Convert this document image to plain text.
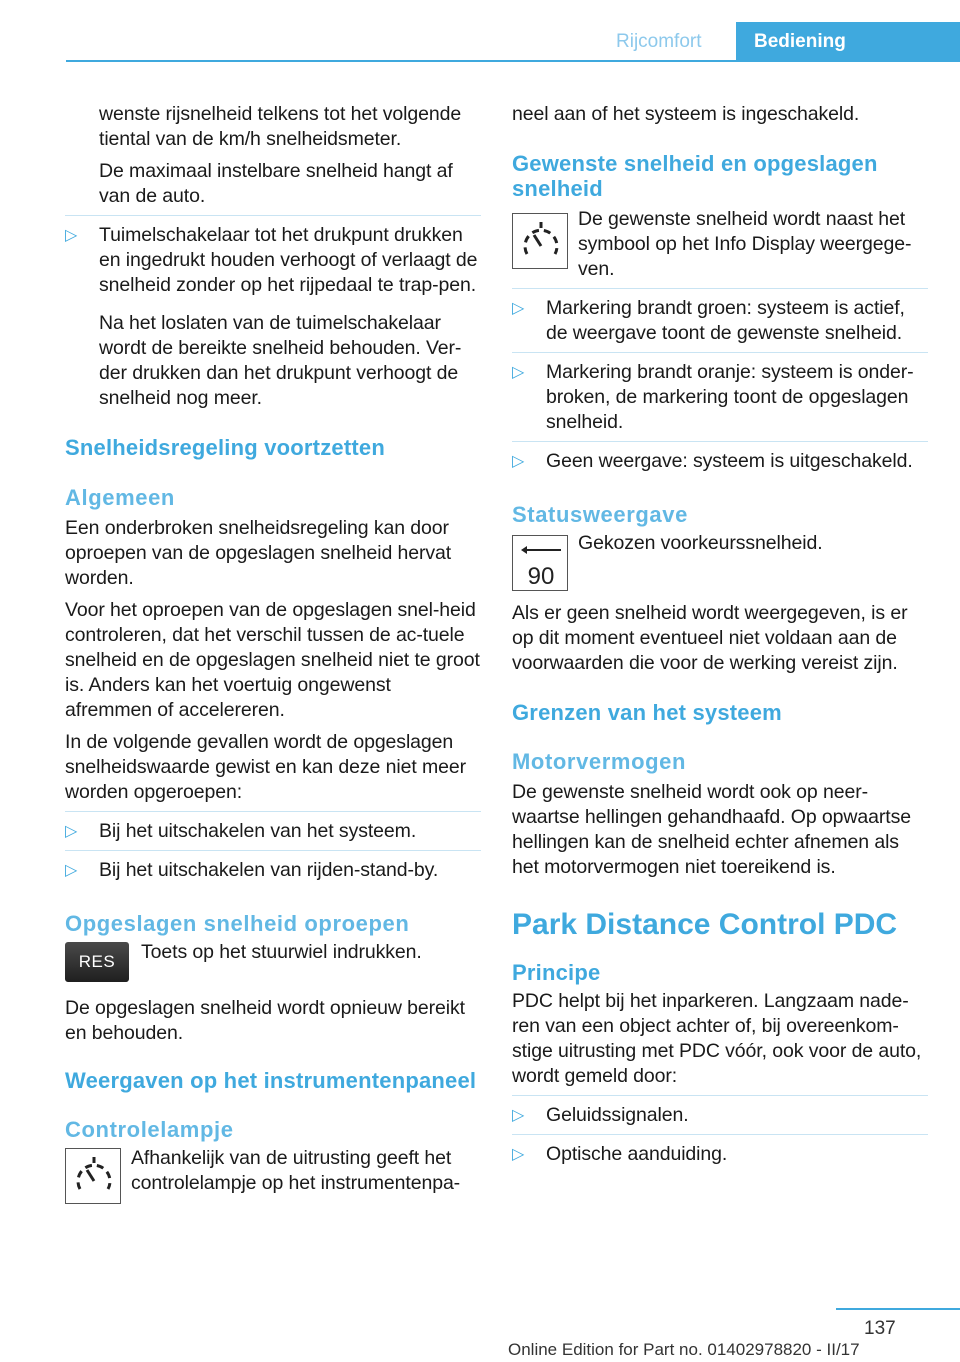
Rijcomfort	Bediening

wenste rijsnelheid telkens tot het volgende tiental van de km/h snelheidsmeter.

De maximaal instelbare snelheid hangt af van de auto.

▷ Tuimelschakelaar tot het drukpunt drukken en ingedrukt houden verhoogt of verlaagt de snelheid zonder op het rijpedaal te trap-pen.

Na het loslaten van de tuimelschakelaar wordt de bereikte snelheid behouden. Ver-der drukken dan het drukpunt verhoogt de snelheid nog meer.

Snelheidsregeling voortzetten
Algemeen

Een onderbroken snelheidsregeling kan door oproepen van de opgeslagen snelheid hervat worden.

Voor het oproepen van de opgeslagen snel-heid controleren, dat het verschil tussen de ac-tuele snelheid en de opgeslagen snelheid niet te groot is. Anders kan het voertuig ongewenst afremmen of accelereren.

In de volgende gevallen wordt de opgeslagen snelheidswaarde gewist en kan deze niet meer worden opgeroepen:

▷ Bij het uitschakelen van het systeem.
▷ Bij het uitschakelen van rijden-stand-by.
Opgeslagen snelheid oproepen
RES	Toets op het stuurwiel indrukken.

De opgeslagen snelheid wordt opnieuw bereikt en behouden.

Weergaven op het instrumentenpaneel
Controlelampje

Afhankelijk van de uitrusting geeft het controlelampje op het instrumentenpa-

neel aan of het systeem is ingeschakeld.

Gewenste snelheid en opgeslagen snelheid

De gewenste snelheid wordt naast het symbool op het Info Display weergege-ven.

▷ Markering brandt groen: systeem is actief, de weergave toont de gewenste snelheid.
▷ Markering brandt oranje: systeem is onder-broken, de markering toont de opgeslagen snelheid.
▷ Geen weergave: systeem is uitgeschakeld.
Statusweergave
90

Gekozen voorkeurssnelheid.

Als er geen snelheid wordt weergegeven, is er op dit moment eventueel niet voldaan aan de voorwaarden die voor de werking vereist zijn.

Grenzen van het systeem
Motorvermogen

De gewenste snelheid wordt ook op neer-waartse hellingen gehandhaafd. Op opwaartse hellingen kan de snelheid echter afnemen als het motorvermogen niet toereikend is.

Park Distance Control PDC
Principe

PDC helpt bij het inparkeren. Langzaam nade-ren van een object achter of, bij overeenkom-stige uitrusting met PDC vóór, ook voor de auto, wordt gemeld door:

▷ Geluidssignalen.
▷ Optische aanduiding.
137
Online Edition for Part no. 01402978820 - II/17
